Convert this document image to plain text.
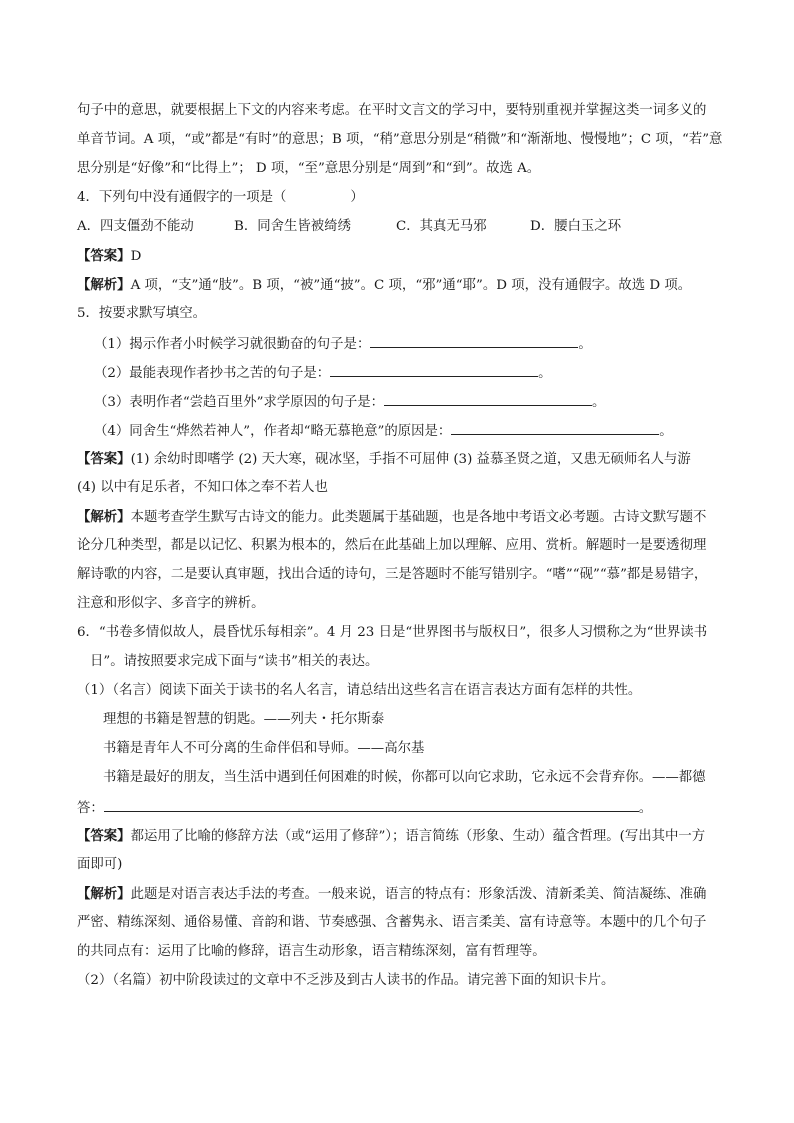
句子中的意思，就要根据上下文的内容来考虑。在平时文言文的学习中，要特别重视并掌握这类一词多义的
单音节词。A 项，“或”都是“有时”的意思；B 项，“稍”意思分别是“稍微”和“渐渐地、慢慢地”；C 项，“若”意
思分别是“好像”和“比得上”； D 项，“至”意思分别是“周到”和“到”。故选 A。
4．下列句中没有通假字的一项是（	）
A．四支僵劲不能动	B．同舍生皆被绮绣	C．其真无马邪	D．腰白玉之环
【答案】D
【解析】A 项，“支”通“肢”。B 项，“被”通“披”。C 项，“邪”通“耶”。D 项，没有通假字。故选 D 项。
5．按要求默写填空。
（1）揭示作者小时候学习就很勤奋的句子是：	。
（2）最能表现作者抄书之苦的句子是：	。
（3）表明作者“尝趋百里外”求学原因的句子是：	。
（4）同舍生“烨然若神人”，作者却“略无慕艳意”的原因是：	。
【答案】(1) 余幼时即嗜学 (2) 天大寒，砚冰坚，手指不可屈伸 (3) 益慕圣贤之道，又患无硕师名人与游
(4) 以中有足乐者，不知口体之奉不若人也
【解析】本题考查学生默写古诗文的能力。此类题属于基础题，也是各地中考语文必考题。古诗文默写题不
论分几种类型，都是以记忆、积累为根本的，然后在此基础上加以理解、应用、赏析。解题时一是要透彻理
解诗歌的内容，二是要认真审题，找出合适的诗句，三是答题时不能写错别字。“嗜”“砚”“慕”都是易错字，
注意和形似字、多音字的辨析。
6．“书卷多情似故人，晨昏忧乐每相亲”。4 月 23 日是“世界图书与版权日”，很多人习惯称之为“世界读书
日”。请按照要求完成下面与“读书”相关的表达。
（1）（名言）阅读下面关于读书的名人名言，请总结出这些名言在语言表达方面有怎样的共性。
理想的书籍是智慧的钥匙。——列夫・托尔斯泰
书籍是青年人不可分离的生命伴侣和导师。——高尔基
书籍是最好的朋友，当生活中遇到任何困难的时候，你都可以向它求助，它永远不会背弃你。——都德
答：	。
【答案】都运用了比喻的修辞方法（或“运用了修辞”）；语言简练（形象、生动）蕴含哲理。(写出其中一方
面即可)
【解析】此题是对语言表达手法的考查。一般来说，语言的特点有：形象活泼、清新柔美、简洁凝练、准确
严密、精练深刻、通俗易懂、音韵和谐、节奏感强、含蓄隽永、语言柔美、富有诗意等。本题中的几个句子
的共同点有：运用了比喻的修辞，语言生动形象，语言精练深刻，富有哲理等。
（2）（名篇）初中阶段读过的文章中不乏涉及到古人读书的作品。请完善下面的知识卡片。
